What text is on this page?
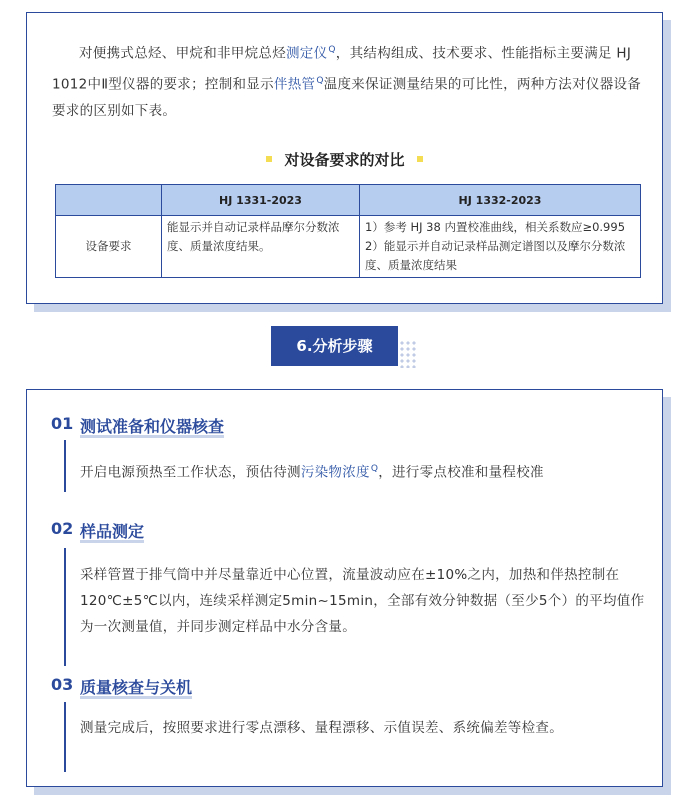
对便携式总烃、甲烷和非甲烷总烃测定仪$^Q$，其结构组成、技术要求、性能指标主要满足 HJ 1012中Ⅱ型仪器的要求；控制和显示伴热管$^Q$温度来保证测量结果的可比性，两种方法对仪器设备要求的区别如下表。

对设备要求的对比
	HJ 1331-2023	HJ 1332-2023
设备要求	能显示并自动记录样品摩尔分数浓度、质量浓度结果。	1）参考 HJ 38 内置校准曲线，相关系数应≥0.995
2）能显示并自动记录样品测定谱图以及摩尔分数浓度、质量浓度结果
6.分析步骤
01 测试准备和仪器核查

开启电源预热至工作状态，预估待测污染物浓度$^Q$，进行零点校准和量程校准

02 样品测定

采样管置于排气筒中并尽量靠近中心位置，流量波动应在±10%之内，加热和伴热控制在120℃±5℃以内，连续采样测定5min~15min，全部有效分钟数据（至少5个）的平均值作为一次测量值，并同步测定样品中水分含量。

03 质量核查与关机

测量完成后，按照要求进行零点漂移、量程漂移、示值误差、系统偏差等检查。
